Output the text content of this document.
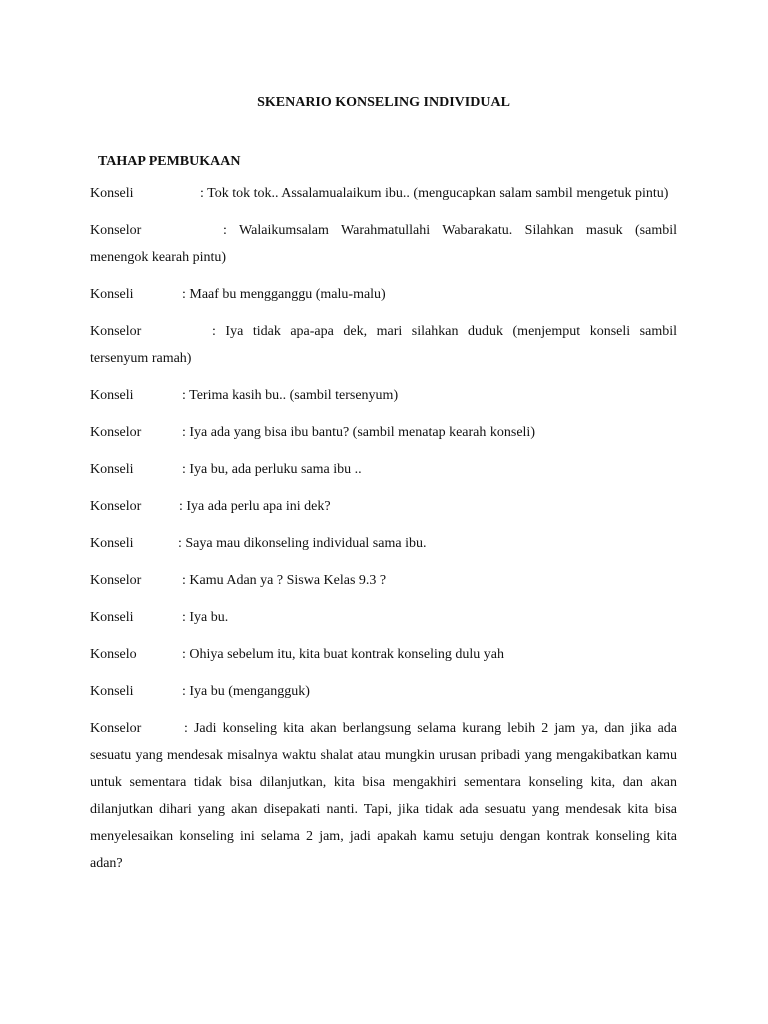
SKENARIO KONSELING INDIVIDUAL
TAHAP PEMBUKAAN

Konseli	: Tok tok tok.. Assalamualaikum ibu.. (mengucapkan salam sambil mengetuk pintu)

Konselor	: Walaikumsalam Warahmatullahi Wabarakatu. Silahkan masuk (sambil menengok kearah pintu)

Konseli	: Maaf bu mengganggu (malu-malu)

Konselor	: Iya tidak apa-apa dek, mari silahkan duduk (menjemput konseli sambil tersenyum ramah)

Konseli	: Terima kasih bu.. (sambil tersenyum)

Konselor	: Iya ada yang bisa ibu bantu? (sambil menatap kearah konseli)

Konseli	: Iya bu, ada perluku sama ibu ..

Konselor	: Iya ada perlu apa ini dek?

Konseli	: Saya mau dikonseling individual sama ibu.

Konselor	: Kamu Adan ya ? Siswa Kelas 9.3 ?

Konseli	: Iya bu.

Konselo	: Ohiya sebelum itu, kita buat kontrak konseling dulu yah

Konseli	: Iya bu (mengangguk)

Konselor	: Jadi konseling kita akan berlangsung selama kurang lebih 2 jam ya, dan jika ada sesuatu yang mendesak misalnya waktu shalat atau mungkin urusan pribadi yang mengakibatkan kamu untuk sementara tidak bisa dilanjutkan, kita bisa mengakhiri sementara konseling kita, dan akan dilanjutkan dihari yang akan disepakati nanti. Tapi, jika tidak ada sesuatu yang mendesak kita bisa menyelesaikan konseling ini selama 2 jam, jadi apakah kamu setuju dengan kontrak konseling kita adan?
